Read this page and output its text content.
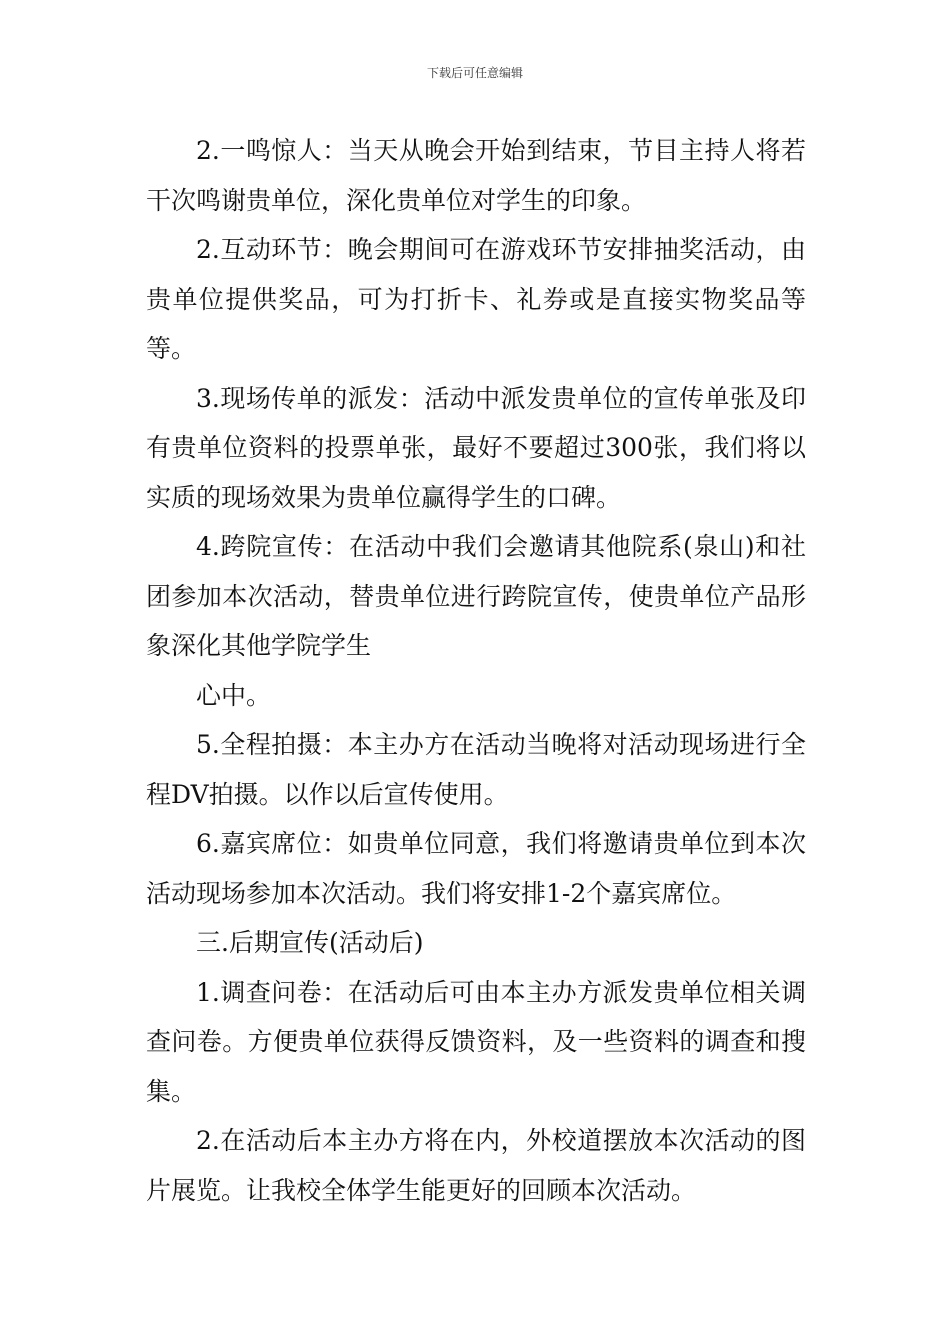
下载后可任意编辑

2.一鸣惊人：当天从晚会开始到结束，节目主持人将若干次鸣谢贵单位，深化贵单位对学生的印象。

2.互动环节：晚会期间可在游戏环节安排抽奖活动，由贵单位提供奖品，可为打折卡、礼券或是直接实物奖品等等。

3.现场传单的派发：活动中派发贵单位的宣传单张及印有贵单位资料的投票单张，最好不要超过300张，我们将以实质的现场效果为贵单位赢得学生的口碑。

4.跨院宣传：在活动中我们会邀请其他院系(泉山)和社团参加本次活动，替贵单位进行跨院宣传，使贵单位产品形象深化其他学院学生

心中。

5.全程拍摄：本主办方在活动当晚将对活动现场进行全程DV拍摄。以作以后宣传使用。

6.嘉宾席位：如贵单位同意，我们将邀请贵单位到本次活动现场参加本次活动。我们将安排1-2个嘉宾席位。

三.后期宣传(活动后)

1.调查问卷：在活动后可由本主办方派发贵单位相关调查问卷。方便贵单位获得反馈资料，及一些资料的调查和搜集。

2.在活动后本主办方将在内，外校道摆放本次活动的图片展览。让我校全体学生能更好的回顾本次活动。
